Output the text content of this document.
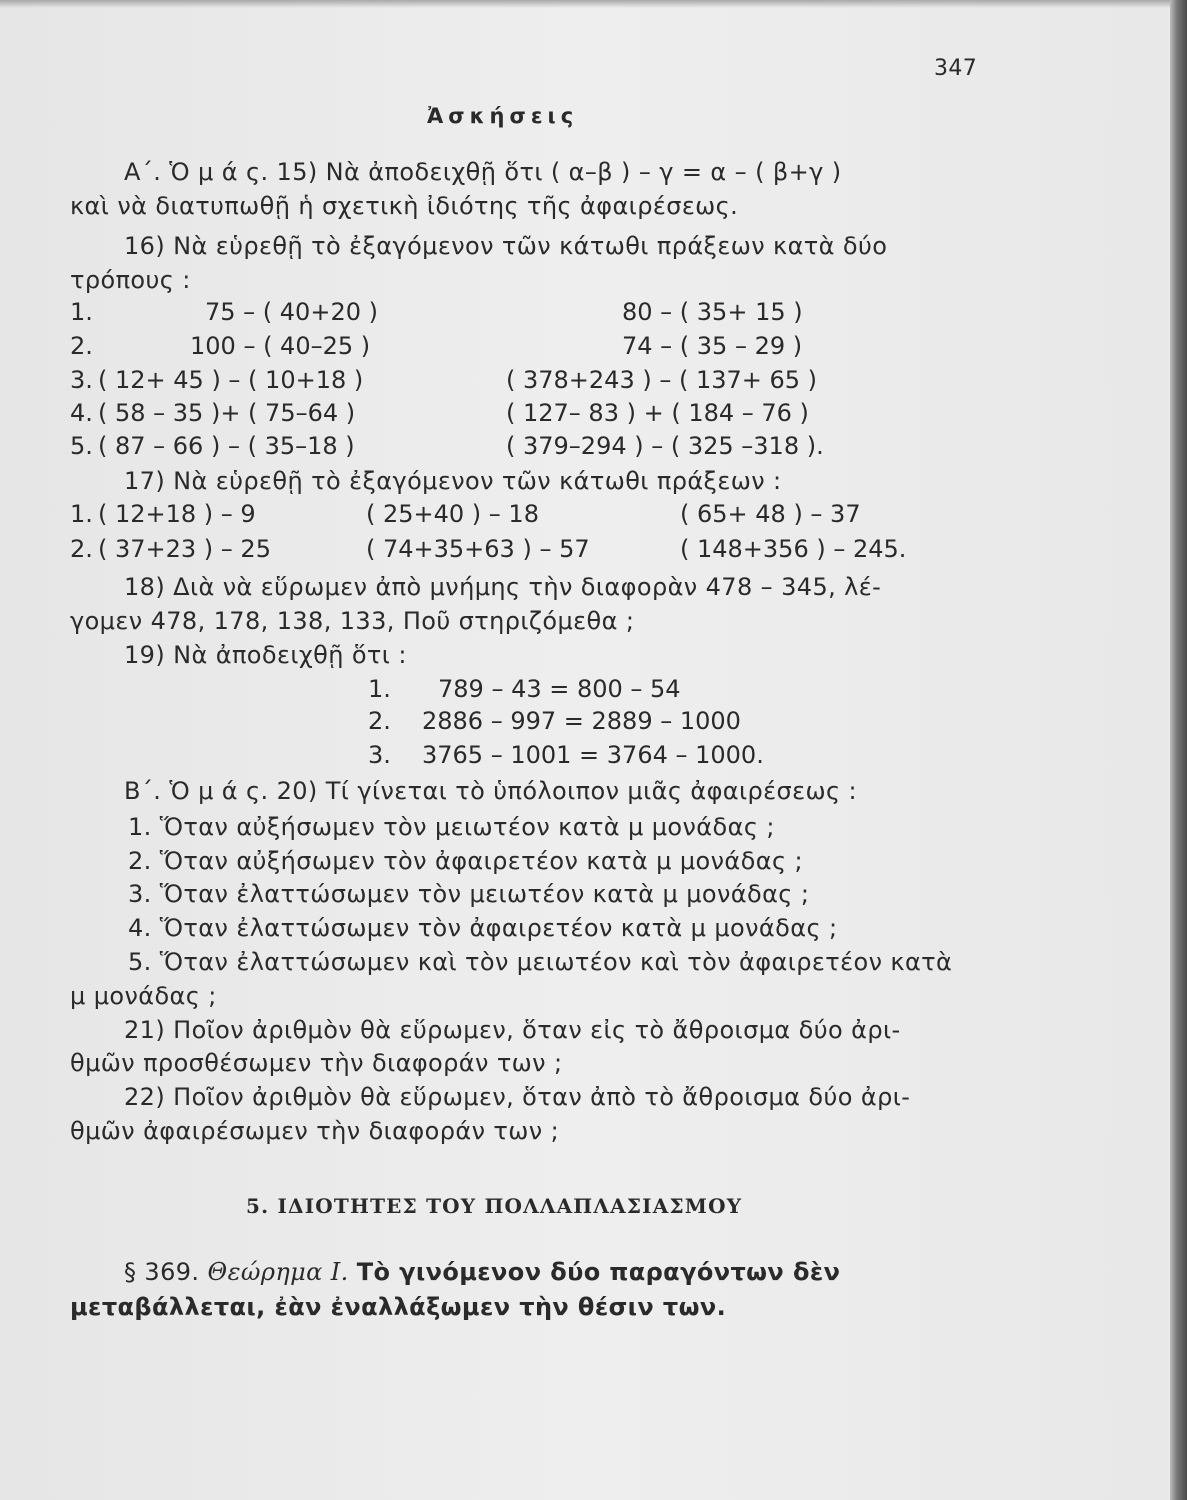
347
Ἀσκήσεις
Α΄. Ὁ μ ά ς. 15) Νὰ ἀποδειχθῇ ὅτι ( α–β ) – γ = α – ( β+γ )
καὶ νὰ διατυπωθῇ ἡ σχετικὴ ἰδιότης τῆς ἀφαιρέσεως.
16) Νὰ εὑρεθῇ τὸ ἐξαγόμενον τῶν κάτωθι πράξεων κατὰ δύο
τρόπους :
1.	75 – ( 40+20 )	80 – ( 35+ 15 )
2.	100 – ( 40–25 )	74 – ( 35 – 29 )
3. ( 12+ 45 ) – ( 10+18 )	( 378+243 ) – ( 137+ 65 )
4. ( 58 – 35 )+ ( 75–64 )	( 127– 83 ) + ( 184 – 76 )
5. ( 87 – 66 ) – ( 35–18 )	( 379–294 ) – ( 325 –318 ).
17) Νὰ εὑρεθῇ τὸ ἐξαγόμενον τῶν κάτωθι πράξεων :
1. ( 12+18 ) – 9	( 25+40 ) – 18	( 65+ 48 ) – 37
2. ( 37+23 ) – 25	( 74+35+63 ) – 57	( 148+356 ) – 245.
18) Διὰ νὰ εὕρωμεν ἀπὸ μνήμης τὴν διαφορὰν 478 – 345, λέ-
γομεν 478, 178, 138, 133, Ποῦ στηριζόμεθα ;
19) Νὰ ἀποδειχθῇ ὅτι :
1. 789 – 43 = 800 – 54
2. 2886 – 997 = 2889 – 1000
3. 3765 – 1001 = 3764 – 1000.
Β΄. Ὁ μ ά ς. 20) Τί γίνεται τὸ ὑπόλοιπον μιᾶς ἀφαιρέσεως :
1. Ὅταν αὐξήσωμεν τὸν μειωτέον κατὰ μ μονάδας ;
2. Ὅταν αὐξήσωμεν τὸν ἀφαιρετέον κατὰ μ μονάδας ;
3. Ὅταν ἐλαττώσωμεν τὸν μειωτέον κατὰ μ μονάδας ;
4. Ὅταν ἐλαττώσωμεν τὸν ἀφαιρετέον κατὰ μ μονάδας ;
5. Ὅταν ἐλαττώσωμεν καὶ τὸν μειωτέον καὶ τὸν ἀφαιρετέον κατὰ
μ μονάδας ;
21) Ποῖον ἀριθμὸν θὰ εὕρωμεν, ὅταν εἰς τὸ ἄθροισμα δύο ἀρι-
θμῶν προσθέσωμεν τὴν διαφοράν των ;
22) Ποῖον ἀριθμὸν θὰ εὕρωμεν, ὅταν ἀπὸ τὸ ἄθροισμα δύο ἀρι-
θμῶν ἀφαιρέσωμεν τὴν διαφοράν των ;
5. ΙΔΙΟΤΗΤΕΣ ΤΟΥ ΠΟΛΛΑΠΛΑΣΙΑΣΜΟΥ
§ 369. Θεώρημα Ι. Τὸ γινόμενον δύο παραγόντων δὲν
μεταβάλλεται, ἐὰν ἐναλλάξωμεν τὴν θέσιν των.
